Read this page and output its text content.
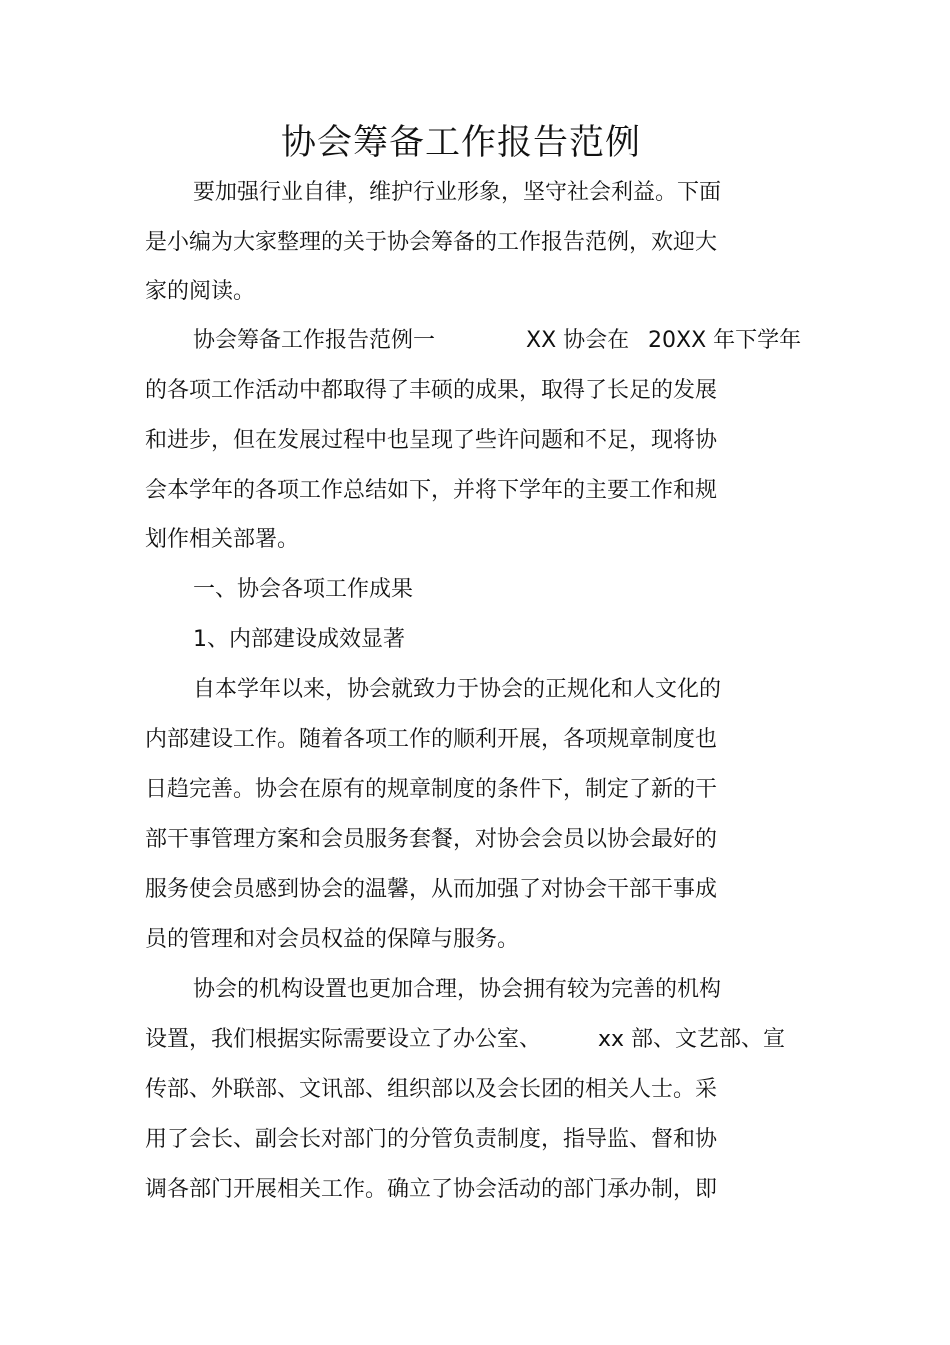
协会筹备工作报告范例
要加强行业自律，维护行业形象，坚守社会利益。下面
是小编为大家整理的关于协会筹备的工作报告范例，欢迎大
家的阅读。
协会筹备工作报告范例一	XX 协会在 20XX 年下学年
的各项工作活动中都取得了丰硕的成果，取得了长足的发展
和进步，但在发展过程中也呈现了些许问题和不足，现将协
会本学年的各项工作总结如下，并将下学年的主要工作和规
划作相关部署。
一、协会各项工作成果
1、内部建设成效显著
自本学年以来，协会就致力于协会的正规化和人文化的
内部建设工作。随着各项工作的顺利开展，各项规章制度也
日趋完善。协会在原有的规章制度的条件下，制定了新的干
部干事管理方案和会员服务套餐，对协会会员以协会最好的
服务使会员感到协会的温馨，从而加强了对协会干部干事成
员的管理和对会员权益的保障与服务。
协会的机构设置也更加合理，协会拥有较为完善的机构
设置，我们根据实际需要设立了办公室、	xx 部、文艺部、宣
传部、外联部、文讯部、组织部以及会长团的相关人士。采
用了会长、副会长对部门的分管负责制度，指导监、督和协
调各部门开展相关工作。确立了协会活动的部门承办制，即
